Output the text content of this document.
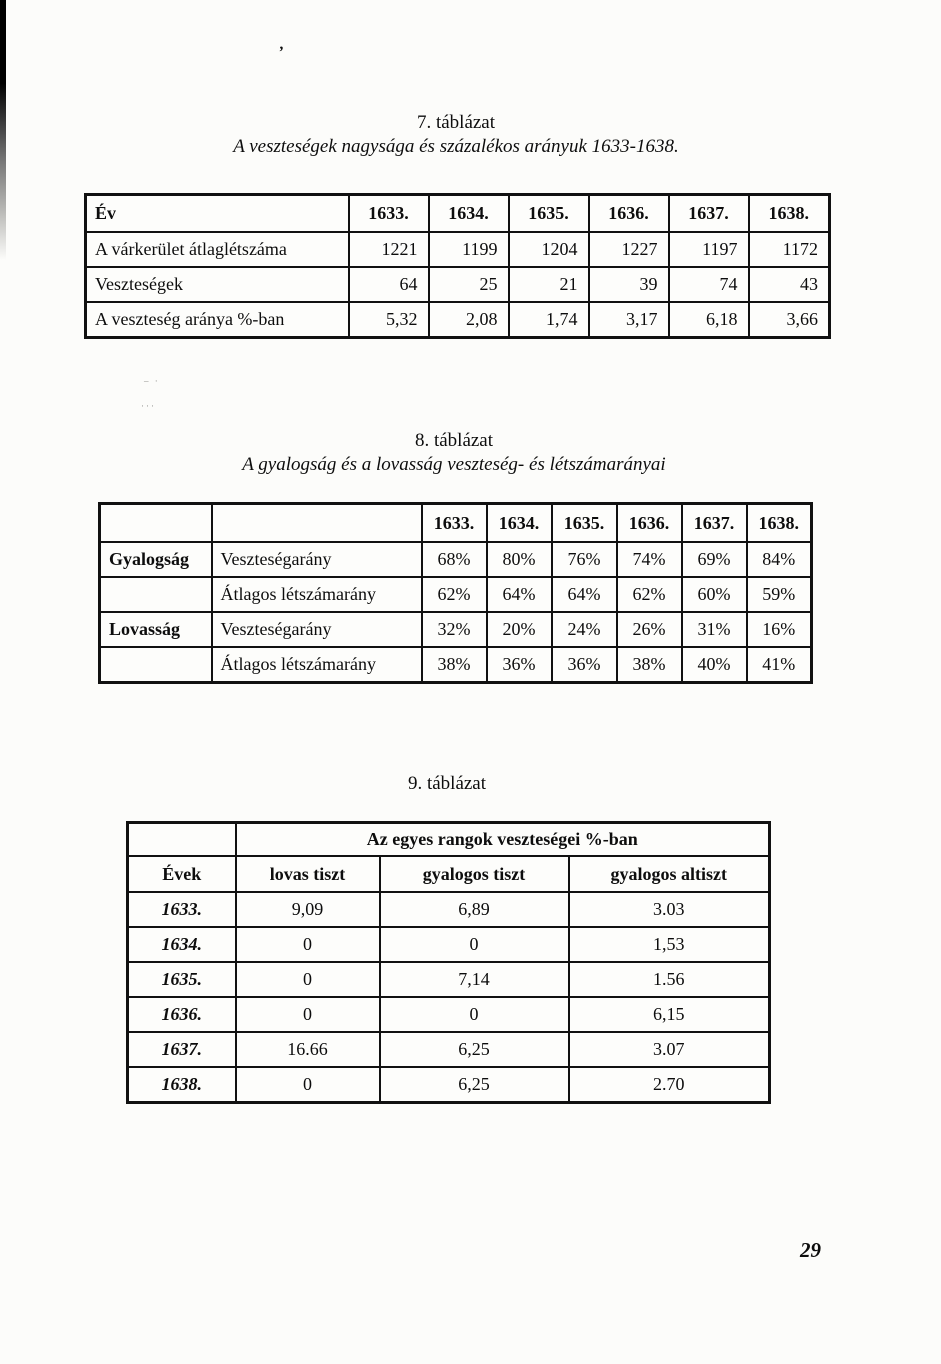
’
– ·
···
7. táblázat
A veszteségek nagysága és százalékos arányuk 1633-1638.
Év	1633.	1634.	1635.	1636.	1637.	1638.
A várkerület átlaglétszáma	1221	1199	1204	1227	1197	1172
Veszteségek	64	25	21	39	74	43
A veszteség aránya %-ban	5,32	2,08	1,74	3,17	6,18	3,66
8. táblázat
A gyalogság és a lovasság veszteség- és létszámarányai
		1633.	1634.	1635.	1636.	1637.	1638.
Gyalogság	Veszteségarány	68%	80%	76%	74%	69%	84%
	Átlagos létszámarány	62%	64%	64%	62%	60%	59%
Lovasság	Veszteségarány	32%	20%	24%	26%	31%	16%
	Átlagos létszámarány	38%	36%	36%	38%	40%	41%
9. táblázat
	Az egyes rangok veszteségei %-ban		
Évek	lovas tiszt	gyalogos tiszt	gyalogos altiszt
1633.	9,09	6,89	3.03
1634.	0	0	1,53
1635.	0	7,14	1.56
1636.	0	0	6,15
1637.	16.66	6,25	3.07
1638.	0	6,25	2.70
29
